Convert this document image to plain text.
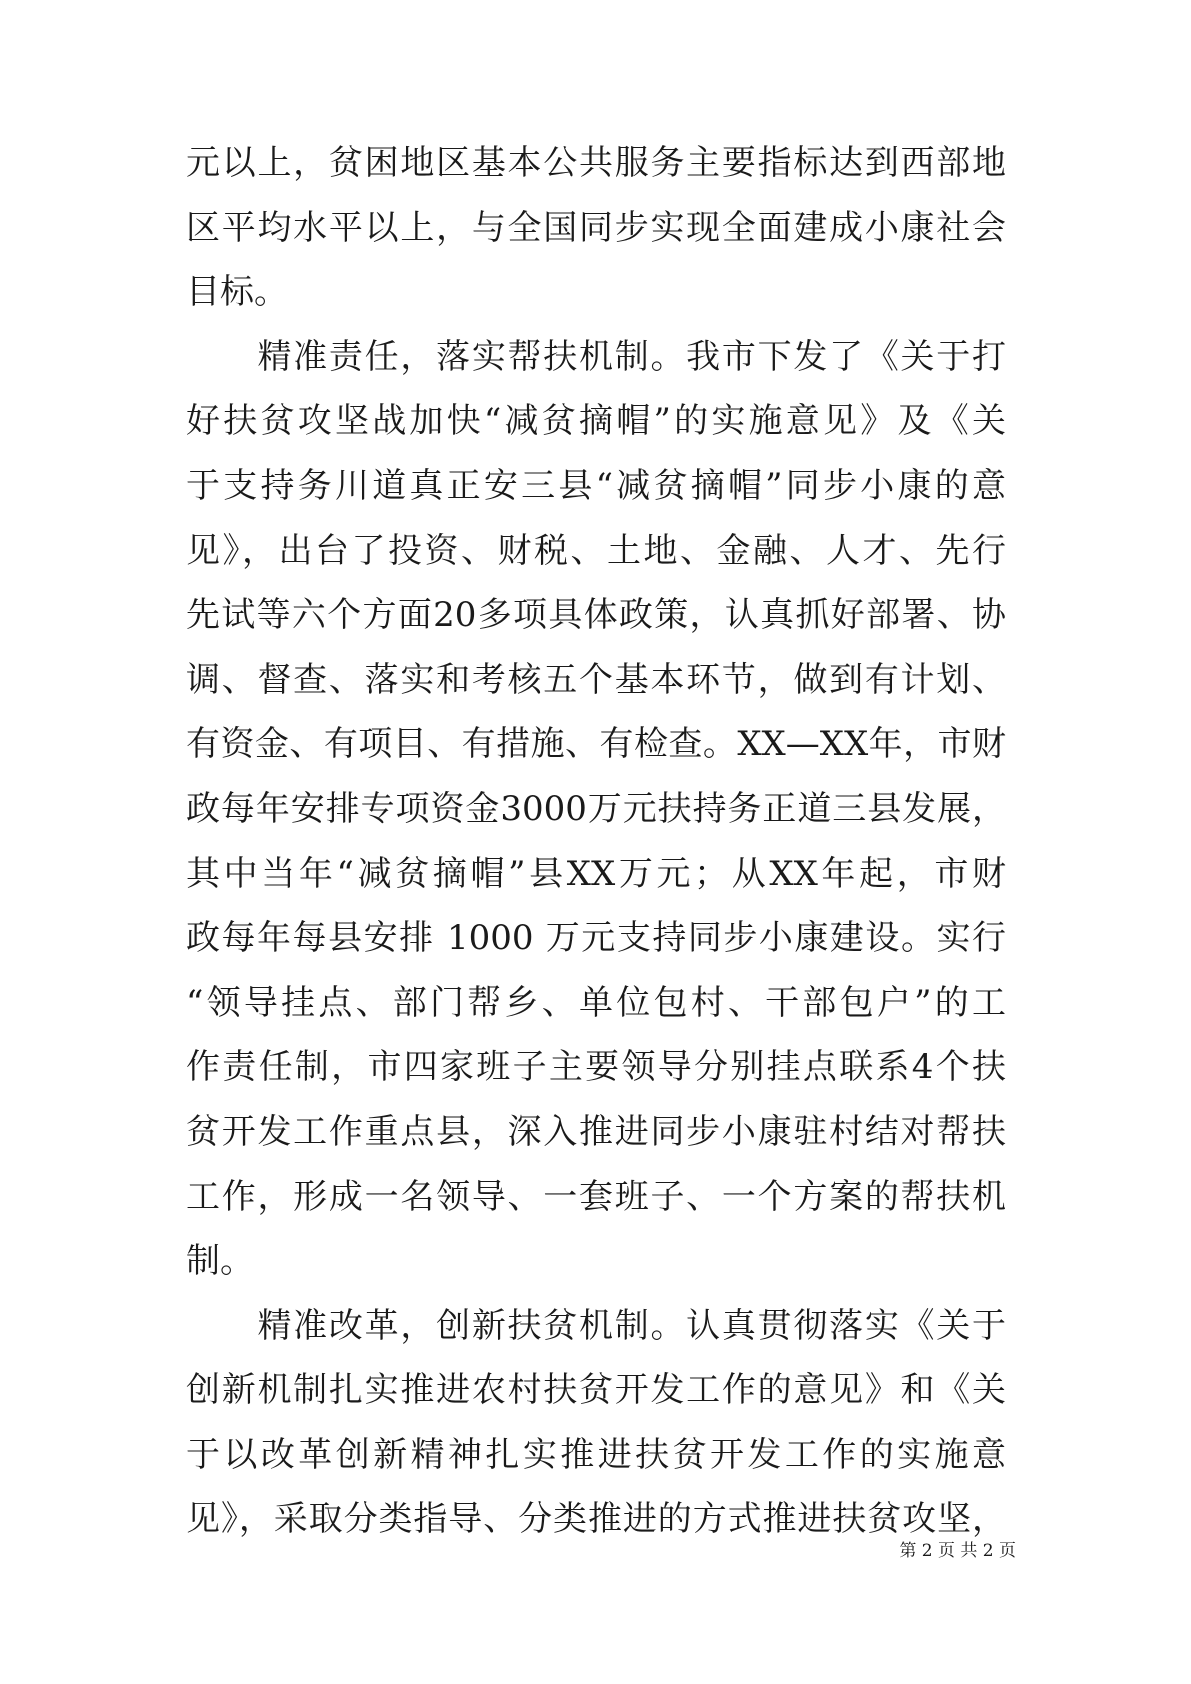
元以上，贫困地区基本公共服务主要指标达到西部地
区平均水平以上，与全国同步实现全面建成小康社会
目标。
　　精准责任，落实帮扶机制。我市下发了《关于打
好扶贫攻坚战加快“减贫摘帽”的实施意见》及《关
于支持务川道真正安三县“减贫摘帽”同步小康的意
见》，出台了投资、财税、土地、金融、人才、先行
先试等六个方面20多项具体政策，认真抓好部署、协
调、督查、落实和考核五个基本环节，做到有计划、
有资金、有项目、有措施、有检查。XX—XX年，市财
政每年安排专项资金3000万元扶持务正道三县发展，
其中当年“减贫摘帽”县XX万元；从XX年起，市财
政每年每县安排 1000 万元支持同步小康建设。实行
“领导挂点、部门帮乡、单位包村、干部包户”的工
作责任制，市四家班子主要领导分别挂点联系4个扶
贫开发工作重点县，深入推进同步小康驻村结对帮扶
工作，形成一名领导、一套班子、一个方案的帮扶机
制。
　　精准改革，创新扶贫机制。认真贯彻落实《关于
创新机制扎实推进农村扶贫开发工作的意见》和《关
于以改革创新精神扎实推进扶贫开发工作的实施意
见》，采取分类指导、分类推进的方式推进扶贫攻坚，
第 2 页 共 2 页
